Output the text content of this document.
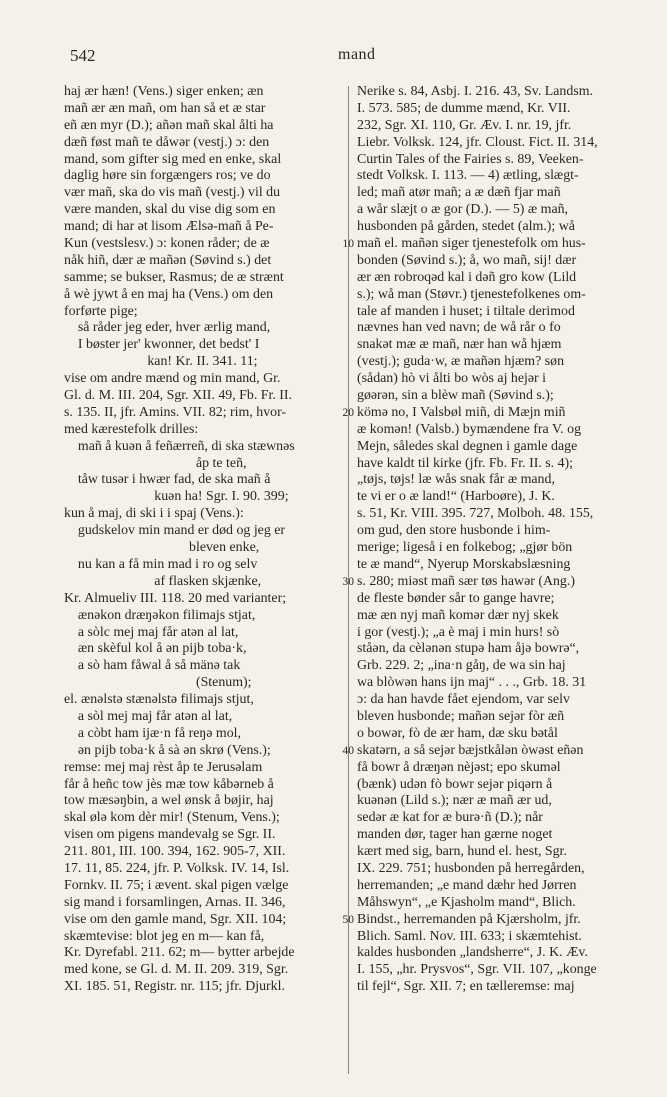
542	mand
haj ær hæn! (Vens.) siger enken; æn
mañ ær æn mañ, om han så et æ star
eñ æn myr (D.); añən mañ skal ålti ha
dæñ føst mañ te dåwər (vestj.) ɔ: den
mand, som gifter sig med en enke, skal
daglig høre sin forgængers ros; ve do
vær mañ, ska do vis mañ (vestj.) vil du
være manden, skal du vise dig som en
mand; di har ət lisom Ælsə-mañ å Pe-
Kun (vestslesv.) ɔ: konen råder; de æ
nåk hiñ, dær æ mañən (Søvind s.) det
samme; se bukser, Rasmus; de æ strænt
å wè jywt å en maj ha (Vens.) om den
forførte pige;
så råder jeg eder, hver ærlig mand,
I bøster jer' kwonner, det bedst' I
kan! Kr. II. 341. 11;
vise om andre mænd og min mand, Gr.
Gl. d. M. III. 204, Sgr. XII. 49, Fb. Fr. II.
s. 135. II, jfr. Amins. VII. 82; rim, hvor-
med kærestefolk drilles:
mañ å kuən å feñærreñ, di ska stæwnəs
åp te teñ,
tåw tusər i hwær fad, de ska mañ å
kuən ha! Sgr. I. 90. 399;
kun å maj, di ski i i spaj (Vens.):
gudskelov min mand er død og jeg er
bleven enke,
nu kan a få min mad i ro og selv
af flasken skjænke,
Kr. Almueliv III. 118. 20 med varianter;
ænəkon dræŋəkon filimajs stjat,
a sòlc mej maj får atən al lat,
æn skèful kol å ən pijb toba·k,
a sò ham fåwal å så mänə tak
(Stenum);
el. ænəlstə stænəlstə filimajs stjut,
a sòl mej maj får atən al lat,
a còbt ham ijæ·n få reŋə mol,
ən pijb toba·k å sà ən skrø (Vens.);
remse: mej maj rèst åp te Jerusəlam
får å heñc tow jès mæ tow kåbərneb å
tow mæsəŋbin, a wel ønsk å bøjir, haj
skal ølə kom dèr mir! (Stenum, Vens.);
visen om pigens mandevalg se Sgr. II.
211. 801, III. 100. 394, 162. 905-7, XII.
17. 11, 85. 224, jfr. P. Volksk. IV. 14, Isl.
Fornkv. II. 75; i ævent. skal pigen vælge
sig mand i forsamlingen, Arnas. II. 346,
vise om den gamle mand, Sgr. XII. 104;
skæmtevise: blot jeg en m— kan få,
Kr. Dyrefabl. 211. 62; m— bytter arbejde
med kone, se Gl. d. M. II. 209. 319, Sgr.
XI. 185. 51, Registr. nr. 115; jfr. Djurkl.
10
20
30
40
50
Nerike s. 84, Asbj. I. 216. 43, Sv. Landsm.
I. 573. 585; de dumme mænd, Kr. VII.
232, Sgr. XI. 110, Gr. Æv. I. nr. 19, jfr.
Liebr. Volksk. 124, jfr. Cloust. Fict. II. 314,
Curtin Tales of the Fairies s. 89, Veeken-
stedt Volksk. I. 113. — 4) ætling, slægt-
led; mañ atør mañ; a æ dæñ fjar mañ
a wår slæjt o æ gor (D.). — 5) æ mañ,
husbonden på gården, stedet (alm.); wå
mañ el. mañən siger tjenestefolk om hus-
bonden (Søvind s.); å, wo mañ, sij! dær
ær æn robroqəd kal i dəñ gro kow (Lild
s.); wå man (Støvr.) tjenestefolkenes om-
tale af manden i huset; i tiltale derimod
nævnes han ved navn; de wå rår o fo
snakət mæ æ mañ, nær han wå hjæm
(vestj.); guda·w, æ mañən hjæm? søn
(sådan) hò vi ålti bo wòs aj hejər i
gøərən, sin a blèw mañ (Søvind s.);
kömə no, I Valsbøl miñ, di Mæjn miñ
æ komən! (Valsb.) bymændene fra V. og
Mejn, således skal degnen i gamle dage
have kaldt til kirke (jfr. Fb. Fr. II. s. 4);
„tøjs, tøjs! læ wås snak får æ mand,
te vi er o æ land!“ (Harboøre), J. K.
s. 51, Kr. VIII. 395. 727, Molboh. 48. 155,
om gud, den store husbonde i him-
merige; ligeså i en folkebog; „gjør bön
te æ mand“, Nyerup Morskabslæsning
s. 280; miəst mañ sær tøs hawər (Ang.)
de fleste bønder sår to gange havre;
mæ æn nyj mañ komər dær nyj skek
i gor (vestj.); „a è maj i min hurs! sò
ståən, da cèlənən stupə ham åjə bowrə“,
Grb. 229. 2; „ina·n gåŋ, de wa sin haj
wa blòwən hans ijn maj“ . . ., Grb. 18. 31
ɔ: da han havde fået ejendom, var selv
bleven husbonde; mañən sejər fòr æñ
o bowər, fò de ær ham, dæ sku bətål
skatərn, a så sejər bæjstkålən òwəst eñən
få bowr å dræŋən nèjəst; epo skuməl
(bænk) udən fò bowr sejər piqərn å
kuənən (Lild s.); nær æ mañ ær ud,
sedər æ kat for æ burə·ñ (D.); når
manden dør, tager han gærne noget
kært med sig, barn, hund el. hest, Sgr.
IX. 229. 751; husbonden på herregården,
herremanden; „e mand dæhr hed Jørren
Måhswyn“, „e Kjasholm mand“, Blich.
Bindst., herremanden på Kjærsholm, jfr.
Blich. Saml. Nov. III. 633; i skæmtehist.
kaldes husbonden „landsherre“, J. K. Æv.
I. 155, „hr. Prysvos“, Sgr. VII. 107, „konge
til fejl“, Sgr. XII. 7; en tælleremse: maj
